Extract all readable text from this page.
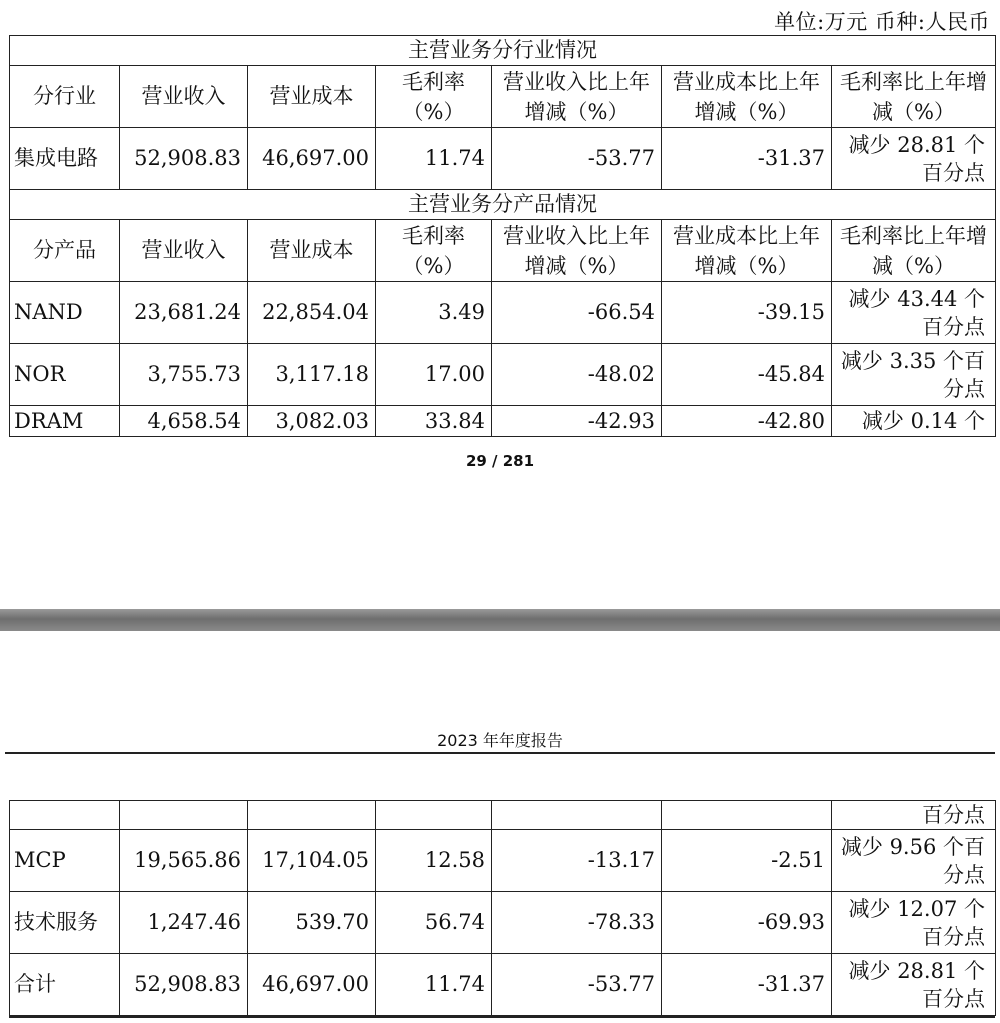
单位:万元 币种:人民币
主营业务分行业情况						
分行业	营业收入	营业成本	毛利率（%）	营业收入比上年增减（%）	营业成本比上年增减（%）	毛利率比上年增减（%）
集成电路	52,908.83	46,697.00	11.74	-53.77	-31.37	减少 28.81 个百分点
主营业务分产品情况						
分产品	营业收入	营业成本	毛利率（%）	营业收入比上年增减（%）	营业成本比上年增减（%）	毛利率比上年增减（%）
NAND	23,681.24	22,854.04	3.49	-66.54	-39.15	减少 43.44 个百分点
NOR	3,755.73	3,117.18	17.00	-48.02	-45.84	减少 3.35 个百分点
DRAM	4,658.54	3,082.03	33.84	-42.93	-42.80	减少 0.14 个
29 / 281
2023 年年度报告
						百分点
MCP	19,565.86	17,104.05	12.58	-13.17	-2.51	减少 9.56 个百分点
技术服务	1,247.46	539.70	56.74	-78.33	-69.93	减少 12.07 个百分点
合计	52,908.83	46,697.00	11.74	-53.77	-31.37	减少 28.81 个百分点
